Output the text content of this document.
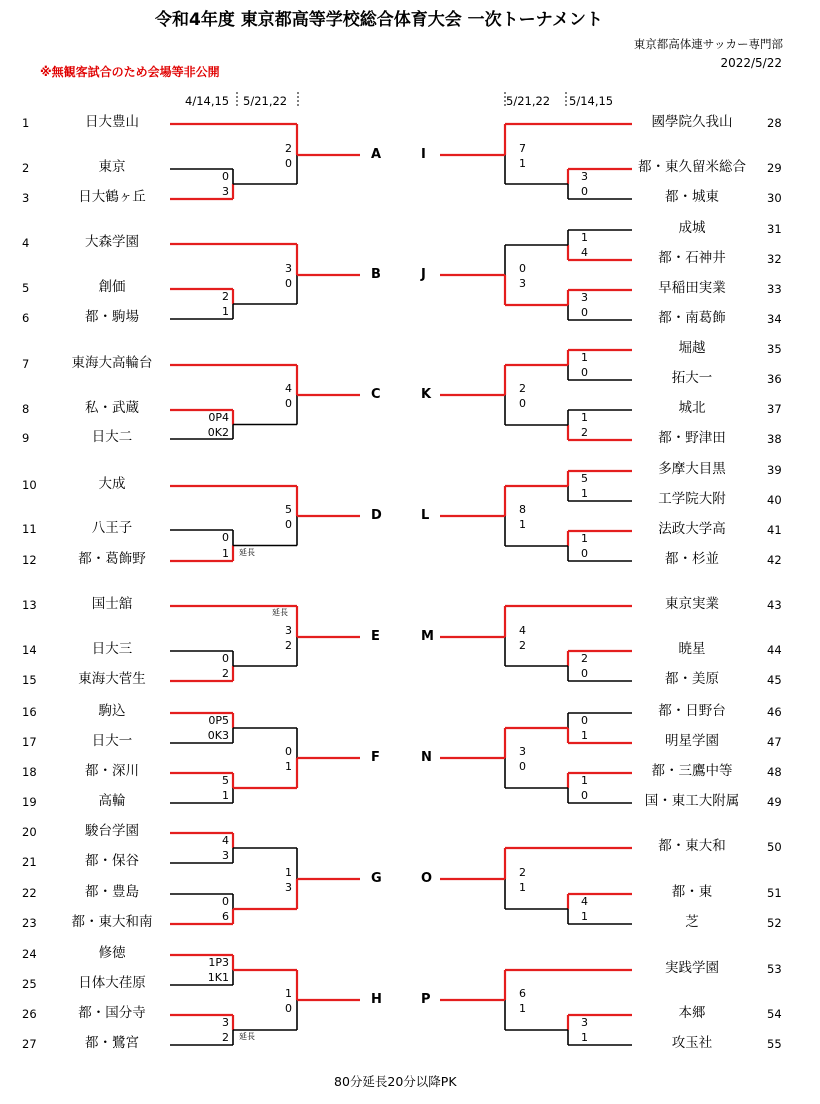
令和4年度 東京都高等学校総合体育大会 一次トーナメント
東京都高体連サッカー専門部
2022/5/22
※無観客試合のため会場等非公開
4/14,15 5/21,22	5/21,22 5/14,15
1	日大豊山
2	東京
3	日大鶴ヶ丘
0
3
2
0
A
4	大森学園
5	創価
6	都・駒場
2
1
3
0
B
7	東海大高輪台
8	私・武蔵
9	日大二
0P4
0K2
4
0
C
10	大成
11	八王子
12	都・葛飾野
0
1 延長
5
0
D
13	国士舘
14	日大三
15	東海大菅生
0
2
3
2
延長
E
16	駒込
17	日大一
18	都・深川
19	高輪
0P5
0K3
5
1
0
1
F
20	駿台学園
21	都・保谷
22	都・豊島
23	都・東大和南
4
3
0
6
1
3
G
24	修徳
25	日体大荏原
26	都・国分寺
27	都・鷺宮
1P3
1K1
3
2 延長
1
0
H
國學院久我山	28
都・東久留米総合	29
都・城東	30
3
0
7
1
I
成城	31
都・石神井	32
早稲田実業	33
都・南葛飾	34
1
4
3
0
0
3
J
堀越	35
拓大一	36
城北	37
都・野津田	38
1
0
1
2
2
0
K
多摩大目黒	39
工学院大附	40
法政大学高	41
都・杉並	42
5
1
1
0
8
1
L
東京実業	43
暁星	44
都・美原	45
2
0
4
2
M
都・日野台	46
明星学園	47
都・三鷹中等	48
国・東工大附属	49
0
1
1
0
3
0
N
都・東大和	50
都・東	51
芝	52
4
1
2
1
O
実践学園	53
本郷	54
攻玉社	55
3
1
6
1
P
80分延長20分以降PK
